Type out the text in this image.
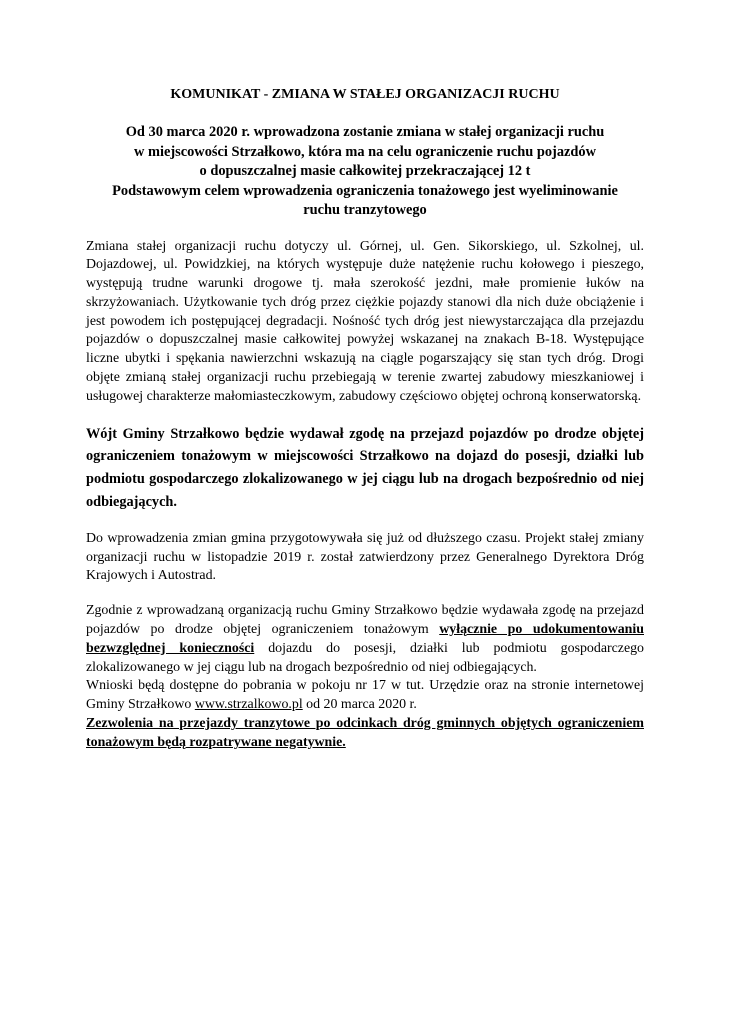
KOMUNIKAT - ZMIANA W STAŁEJ ORGANIZACJI RUCHU
Od 30 marca 2020 r. wprowadzona zostanie zmiana w stałej organizacji ruchu
w miejscowości Strzałkowo, która ma na celu ograniczenie ruchu pojazdów
o dopuszczalnej masie całkowitej przekraczającej 12 t
Podstawowym celem wprowadzenia ograniczenia tonażowego jest wyeliminowanie ruchu tranzytowego

Zmiana stałej organizacji ruchu dotyczy ul. Górnej, ul. Gen. Sikorskiego, ul. Szkolnej, ul. Dojazdowej, ul. Powidzkiej, na których występuje duże natężenie ruchu kołowego i pieszego, występują trudne warunki drogowe tj. mała szerokość jezdni, małe promienie łuków na skrzyżowaniach. Użytkowanie tych dróg przez ciężkie pojazdy stanowi dla nich duże obciążenie i jest powodem ich postępującej degradacji. Nośność tych dróg jest niewystarczająca dla przejazdu pojazdów o dopuszczalnej masie całkowitej powyżej wskazanej na znakach B-18. Występujące liczne ubytki i spękania nawierzchni wskazują na ciągle pogarszający się stan tych dróg. Drogi objęte zmianą stałej organizacji ruchu przebiegają w terenie zwartej zabudowy mieszkaniowej i usługowej charakterze małomiasteczkowym, zabudowy częściowo objętej ochroną konserwatorską.

Wójt Gminy Strzałkowo będzie wydawał zgodę na przejazd pojazdów po drodze objętej ograniczeniem tonażowym w miejscowości Strzałkowo na dojazd do posesji, działki lub podmiotu gospodarczego zlokalizowanego w jej ciągu lub na drogach bezpośrednio od niej odbiegających.

Do wprowadzenia zmian gmina przygotowywała się już od dłuższego czasu. Projekt stałej zmiany organizacji ruchu w listopadzie 2019 r. został zatwierdzony przez Generalnego Dyrektora Dróg Krajowych i Autostrad.

Zgodnie z wprowadzaną organizacją ruchu Gminy Strzałkowo będzie wydawała zgodę na przejazd pojazdów po drodze objętej ograniczeniem tonażowym wyłącznie po udokumentowaniu bezwzględnej konieczności dojazdu do posesji, działki lub podmiotu gospodarczego zlokalizowanego w jej ciągu lub na drogach bezpośrednio od niej odbiegających.

Wnioski będą dostępne do pobrania w pokoju nr 17 w tut. Urzędzie oraz na stronie internetowej Gminy Strzałkowo www.strzalkowo.pl od 20 marca 2020 r.

Zezwolenia na przejazdy tranzytowe po odcinkach dróg gminnych objętych ograniczeniem tonażowym będą rozpatrywane negatywnie.
